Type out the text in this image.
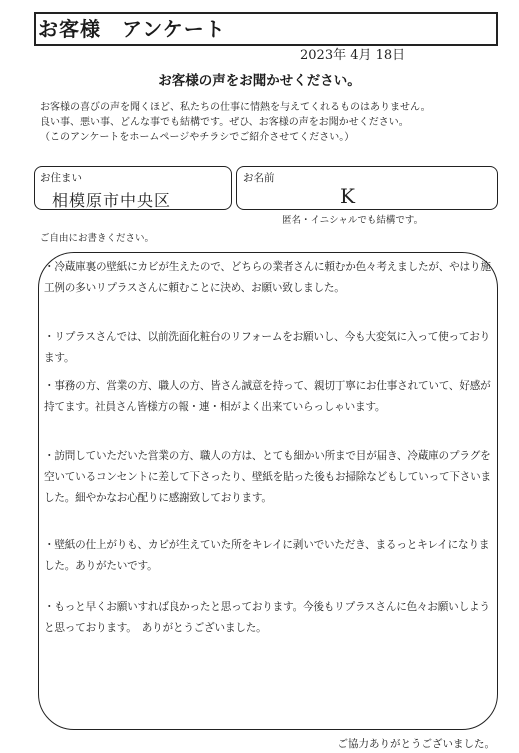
お客様　アンケート
2023年 4月 18日
お客様の声をお聞かせください。
お客様の喜びの声を聞くほど、私たちの仕事に情熱を与えてくれるものはありません。
良い事、悪い事、どんな事でも結構です。ぜひ、お客様の声をお聞かせください。
（このアンケートをホームページやチラシでご紹介させてください。）
お住まい
相模原市中央区
お名前
K
匿名・イニシャルでも結構です。
ご自由にお書きください。
・冷蔵庫裏の壁紙にカビが生えたので、どちらの業者さんに頼むか色々考えましたが、やはり施工例の多いリプラスさんに頼むことに決め、お願い致しました。
・リプラスさんでは、以前洗面化粧台のリフォームをお願いし、今も大変気に入って使っております。
・事務の方、営業の方、職人の方、皆さん誠意を持って、親切丁寧にお仕事されていて、好感が持てます。社員さん皆様方の報・連・相がよく出来ていらっしゃいます。
・訪問していただいた営業の方、職人の方は、とても細かい所まで目が届き、冷蔵庫のプラグを空いているコンセントに差して下さったり、壁紙を貼った後もお掃除などもしていって下さいました。細やかなお心配りに感謝致しております。
・壁紙の仕上がりも、カビが生えていた所をキレイに剥いでいただき、まるっとキレイになりました。ありがたいです。
・もっと早くお願いすれば良かったと思っております。今後もリプラスさんに色々お願いしようと思っております。　ありがとうございました。
ご協力ありがとうございました。
